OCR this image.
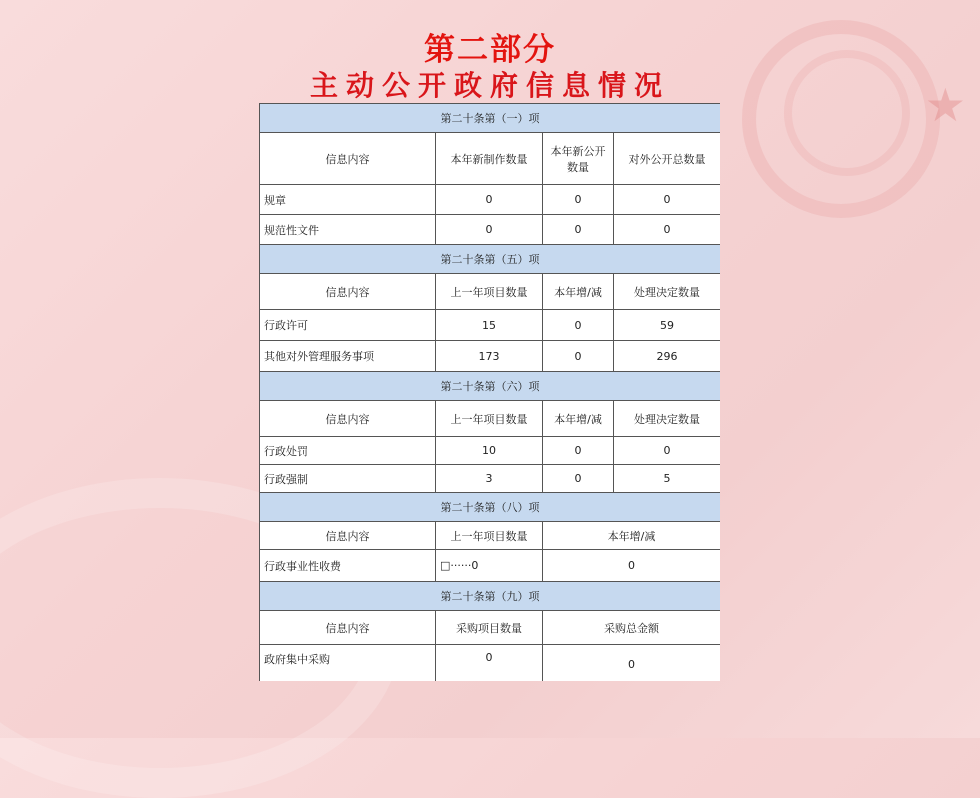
★
第二部分
主动公开政府信息情况
第二十条第（一）项			
信息内容	本年新制作数量	本年新公开数量	对外公开总数量
规章	0	0	0
规范性文件	0	0	0
第二十条第（五）项			
信息内容	上一年项目数量	本年增/减	处理决定数量
行政许可	15	0	59
其他对外管理服务事项	173	0	296
第二十条第（六）项			
信息内容	上一年项目数量	本年增/减	处理决定数量
行政处罚	10	0	0
行政强制	3	0	5
第二十条第（八）项			
信息内容	上一年项目数量	本年增/减	
行政事业性收费	□······0	0	
第二十条第（九）项			
信息内容	采购项目数量	采购总金额	
政府集中采购	0	0	
